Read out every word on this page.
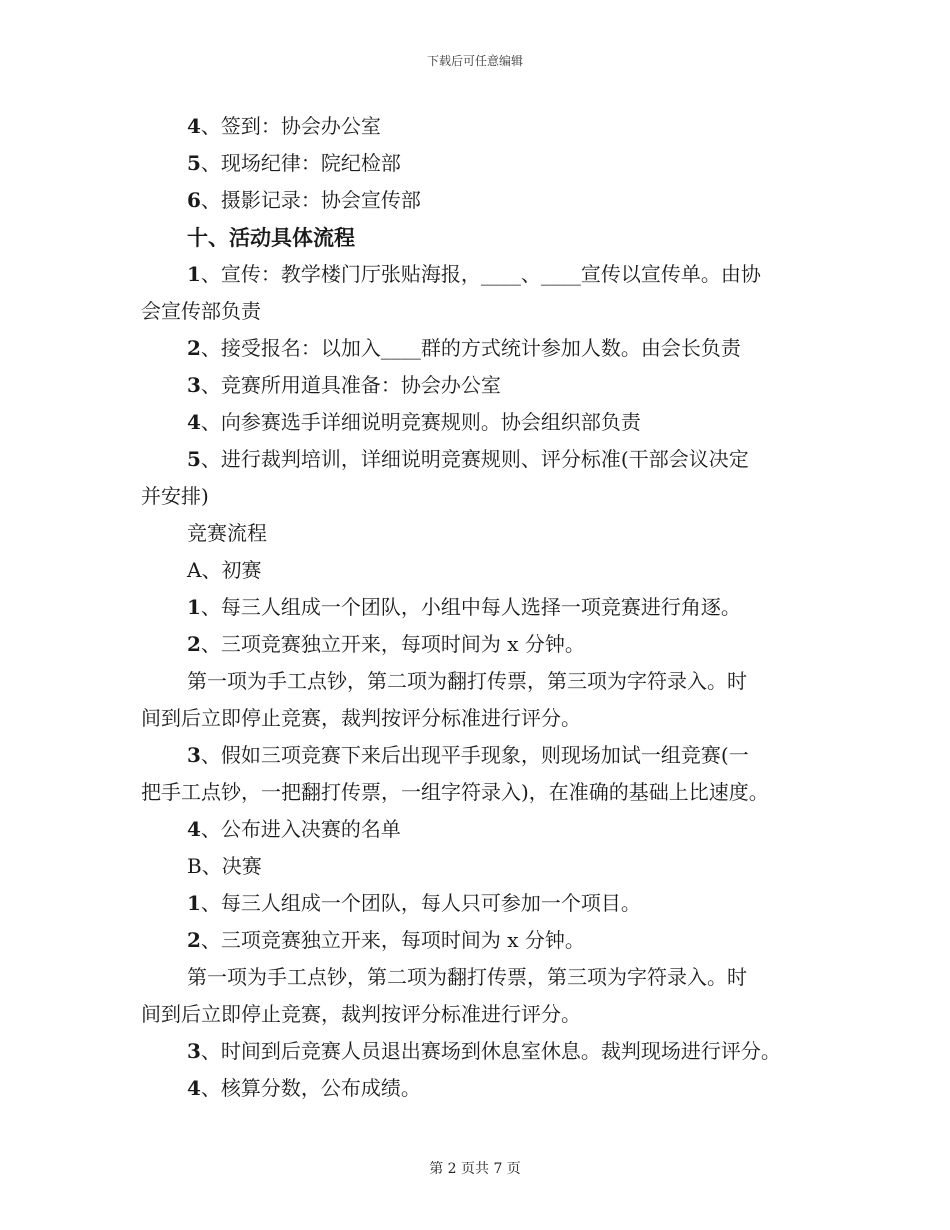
下载后可任意编辑
4、签到：协会办公室
5、现场纪律：院纪检部
6、摄影记录：协会宣传部
十、活动具体流程
1、宣传：教学楼门厅张贴海报，____、____宣传以宣传单。由协
会宣传部负责
2、接受报名：以加入____群的方式统计参加人数。由会长负责
3、竞赛所用道具准备：协会办公室
4、向参赛选手详细说明竞赛规则。协会组织部负责
5、进行裁判培训，详细说明竞赛规则、评分标准(干部会议决定
并安排)
竞赛流程
A、初赛
1、每三人组成一个团队，小组中每人选择一项竞赛进行角逐。
2、三项竞赛独立开来，每项时间为 x 分钟。
第一项为手工点钞，第二项为翻打传票，第三项为字符录入。时
间到后立即停止竞赛，裁判按评分标准进行评分。
3、假如三项竞赛下来后出现平手现象，则现场加试一组竞赛(一
把手工点钞，一把翻打传票，一组字符录入)，在准确的基础上比速度。
4、公布进入决赛的名单
B、决赛
1、每三人组成一个团队，每人只可参加一个项目。
2、三项竞赛独立开来，每项时间为 x 分钟。
第一项为手工点钞，第二项为翻打传票，第三项为字符录入。时
间到后立即停止竞赛，裁判按评分标准进行评分。
3、时间到后竞赛人员退出赛场到休息室休息。裁判现场进行评分。
4、核算分数，公布成绩。
第 2 页共 7 页
